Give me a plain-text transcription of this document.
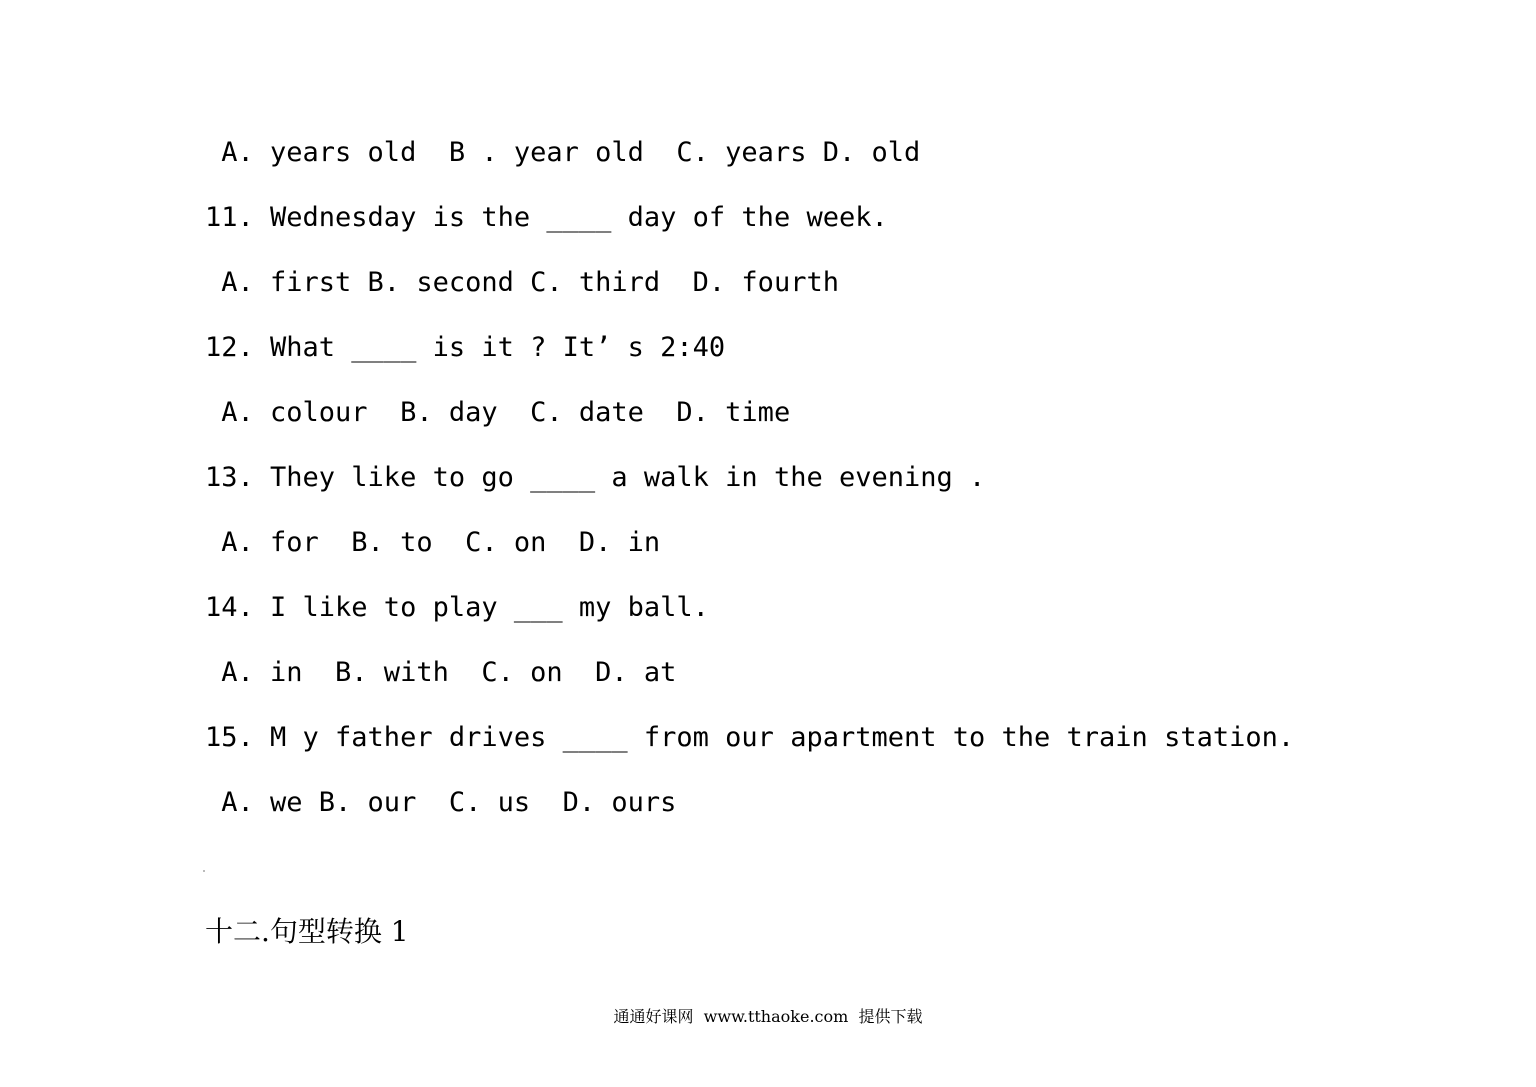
A. years old  B . year old  C. years D. old
11. Wednesday is the ____ day of the week.
A. first B. second C. third  D. fourth
12. What ____ is it ? It’ s 2:40
A. colour  B. day  C. date  D. time
13. They like to go ____ a walk in the evening .
A. for  B. to  C. on  D. in
14. I like to play ___ my ball.
A. in  B. with  C. on  D. at
15. M y father drives ____ from our apartment to the train station.
A. we B. our  C. us  D. ours
十二.句型转换 1
通通好课网  www.tthaoke.com  提供下载
